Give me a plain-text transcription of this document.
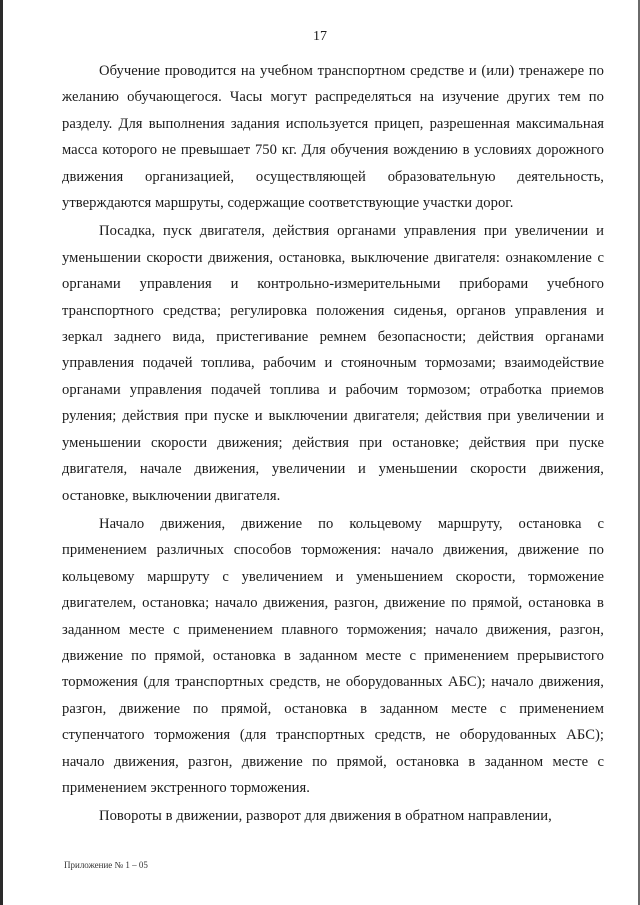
17

Обучение проводится на учебном транспортном средстве и (или) тренажере по желанию обучающегося. Часы могут распределяться на изучение других тем по разделу. Для выполнения задания используется прицеп, разрешенная максимальная масса которого не превышает 750 кг. Для обучения вождению в условиях дорожного движения организацией, осуществляющей образовательную деятельность, утверждаются маршруты, содержащие соответствующие участки дорог.

Посадка, пуск двигателя, действия органами управления при увеличении и уменьшении скорости движения, остановка, выключение двигателя: ознакомление с органами управления и контрольно-измерительными приборами учебного транспортного средства; регулировка положения сиденья, органов управления и зеркал заднего вида, пристегивание ремнем безопасности; действия органами управления подачей топлива, рабочим и стояночным тормозами; взаимодействие органами управления подачей топлива и рабочим тормозом; отработка приемов руления; действия при пуске и выключении двигателя; действия при увеличении и уменьшении скорости движения; действия при остановке; действия при пуске двигателя, начале движения, увеличении и уменьшении скорости движения, остановке, выключении двигателя.

Начало движения, движение по кольцевому маршруту, остановка с применением различных способов торможения: начало движения, движение по кольцевому маршруту с увеличением и уменьшением скорости, торможение двигателем, остановка; начало движения, разгон, движение по прямой, остановка в заданном месте с применением плавного торможения; начало движения, разгон, движение по прямой, остановка в заданном месте с применением прерывистого торможения (для транспортных средств, не оборудованных АБС); начало движения, разгон, движение по прямой, остановка в заданном месте с применением ступенчатого торможения (для транспортных средств, не оборудованных АБС); начало движения, разгон, движение по прямой, остановка в заданном месте с применением экстренного торможения.

Повороты в движении, разворот для движения в обратном направлении,

Приложение № 1 – 05
